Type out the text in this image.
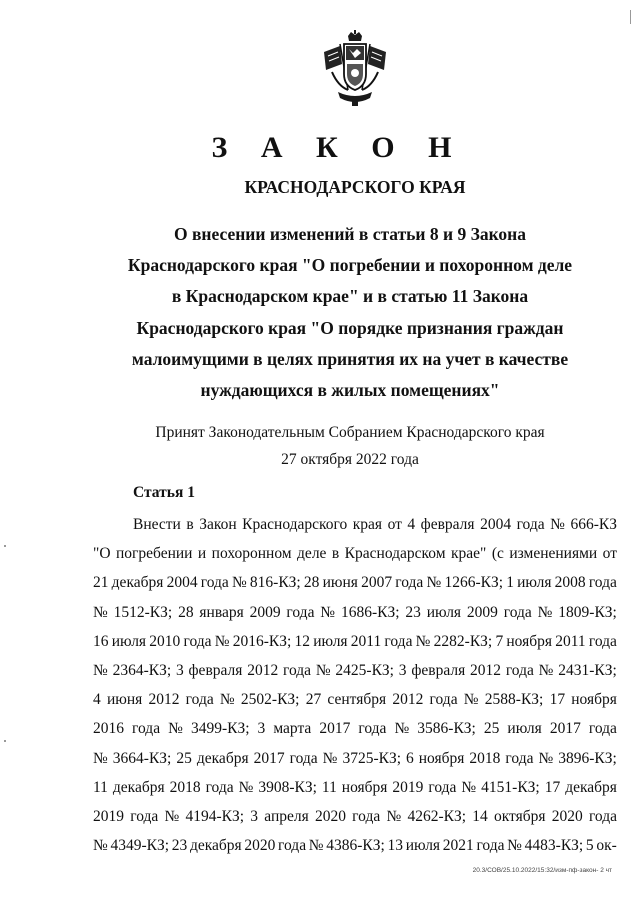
З А К О Н
КРАСНОДАРСКОГО КРАЯ
О внесении изменений в статьи 8 и 9 Закона
Краснодарского края "О погребении и похоронном деле
в Краснодарском крае" и в статью 11 Закона
Краснодарского края "О порядке признания граждан
малоимущими в целях принятия их на учет в качестве
нуждающихся в жилых помещениях"
Принят Законодательным Собранием Краснодарского края
27 октября 2022 года
Статья 1
Внести в Закон Краснодарского края от 4 февраля 2004 года № 666-КЗ
"О погребении и похоронном деле в Краснодарском крае" (с изменениями от
21 декабря 2004 года № 816-КЗ; 28 июня 2007 года № 1266-КЗ; 1 июля 2008 года
№ 1512-КЗ; 28 января 2009 года № 1686-КЗ; 23 июля 2009 года № 1809-КЗ;
16 июля 2010 года № 2016-КЗ; 12 июля 2011 года № 2282-КЗ; 7 ноября 2011 года
№ 2364-КЗ; 3 февраля 2012 года № 2425-КЗ; 3 февраля 2012 года № 2431-КЗ;
4 июня 2012 года № 2502-КЗ; 27 сентября 2012 года № 2588-КЗ; 17 ноября
2016 года № 3499-КЗ; 3 марта 2017 года № 3586-КЗ; 25 июля 2017 года
№ 3664-КЗ; 25 декабря 2017 года № 3725-КЗ; 6 ноября 2018 года № 3896-КЗ;
11 декабря 2018 года № 3908-КЗ; 11 ноября 2019 года № 4151-КЗ; 17 декабря
2019 года № 4194-КЗ; 3 апреля 2020 года № 4262-КЗ; 14 октября 2020 года
№ 4349-КЗ; 23 декабря 2020 года № 4386-КЗ; 13 июля 2021 года № 4483-КЗ; 5 ок-
20.3/СОВ/25.10.2022/15:32/изм-пф-закон- 2 чт
